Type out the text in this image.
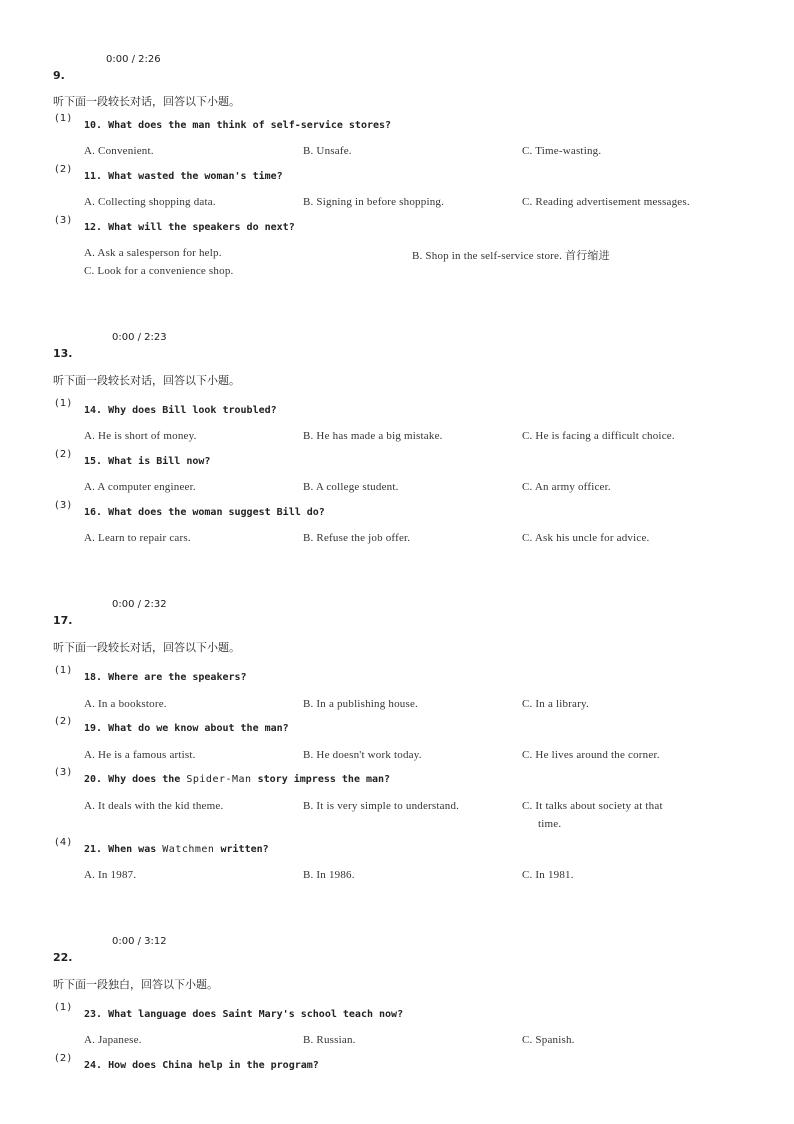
0:00 / 2:26
9.
听下面一段较长对话，回答以下小题。
(1)
10. What does the man think of self-service stores?
A. Convenient.	B. Unsafe.	C. Time-wasting.
(2)
11. What wasted the woman's time?
A. Collecting shopping data.	B. Signing in before shopping.	C. Reading advertisement messages.
(3)
12. What will the speakers do next?
A. Ask a salesperson for help.	B. Shop in the self-service store. 首行缩进
C. Look for a convenience shop.
0:00 / 2:23
13.
听下面一段较长对话，回答以下小题。
(1)
14. Why does Bill look troubled?
A. He is short of money.	B. He has made a big mistake.	C. He is facing a difficult choice.
(2)
15. What is Bill now?
A. A computer engineer.	B. A college student.	C. An army officer.
(3)
16. What does the woman suggest Bill do?
A. Learn to repair cars.	B. Refuse the job offer.	C. Ask his uncle for advice.
0:00 / 2:32
17.
听下面一段较长对话，回答以下小题。
(1)
18. Where are the speakers?
A. In a bookstore.	B. In a publishing house.	C. In a library.
(2)
19. What do we know about the man?
A. He is a famous artist.	B. He doesn't work today.	C. He lives around the corner.
(3)
20. Why does the Spider-Man story impress the man?
A. It deals with the kid theme.	B. It is very simple to understand.	C. It talks about society at that
time.
(4)
21. When was Watchmen written?
A. In 1987.	B. In 1986.	C. In 1981.
0:00 / 3:12
22.
听下面一段独白，回答以下小题。
(1)
23. What language does Saint Mary's school teach now?
A. Japanese.	B. Russian.	C. Spanish.
(2)
24. How does China help in the program?
